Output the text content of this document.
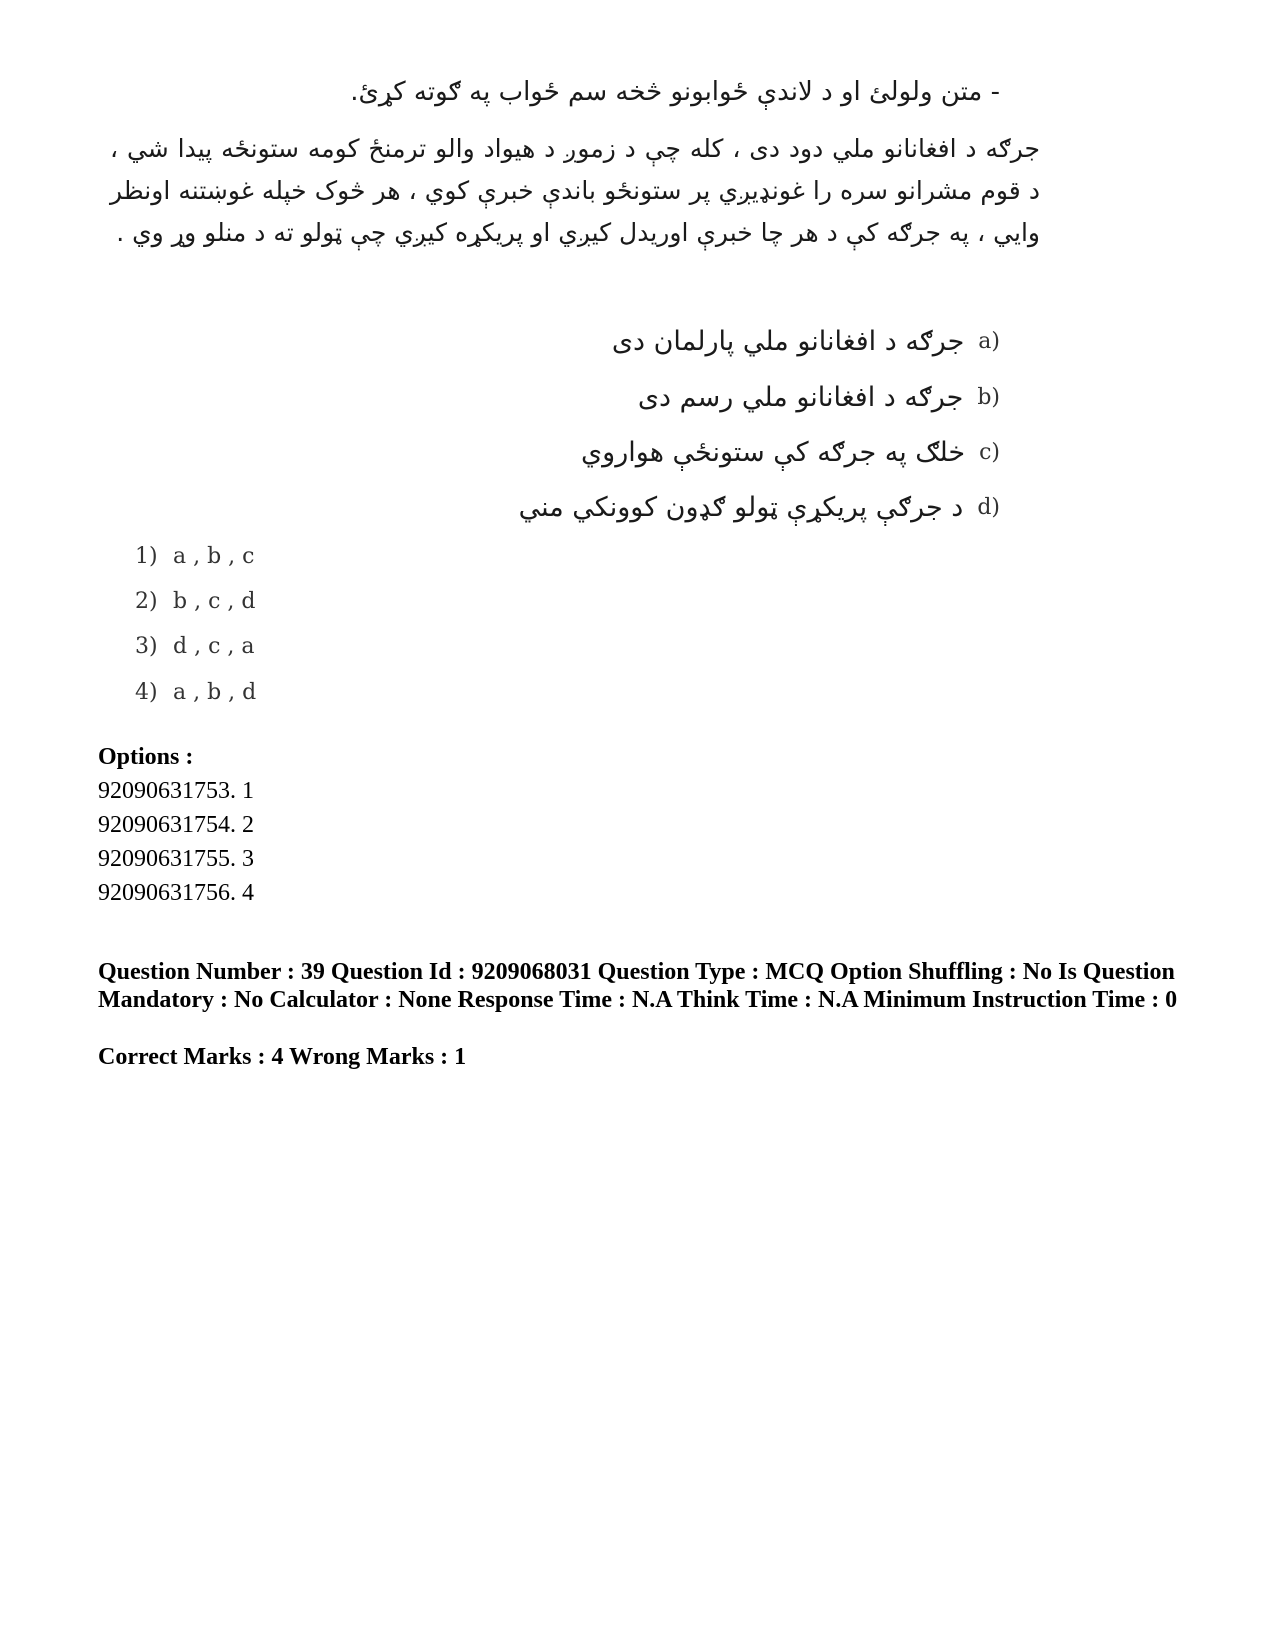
- متن ولولئ او د لاندې ځوابونو څخه سم ځواب په ګوته کړئ.
جرګه د افغانانو ملي دود دی ، کله چې د زموږ د هیواد والو ترمنځ کومه ستونځه پیدا شي ، د قوم مشرانو سره را غونډیږي پر ستونځو باندې خبرې کوي ، هر څوک خپله غوښتنه اونظر وایي ، په جرګه کې د هر چا خبرې اوریدل کیږي او پریکړه کیږي چې ټولو ته د منلو وړ وي .
a)
جرګه د افغانانو ملي پارلمان دی
b)
جرګه د افغانانو ملي رسم دی
c)
خلګ په جرګه کې ستونځې هواروي
d)
د جرګې پریکړې ټولو ګډون کوونکي مني
1) a , b , c
2) b , c , d
3) d , c , a
4) a , b , d
Options :
92090631753. 1
92090631754. 2
92090631755. 3
92090631756. 4
Question Number : 39 Question Id : 9209068031 Question Type : MCQ Option Shuffling : No Is Question Mandatory : No Calculator : None Response Time : N.A Think Time : N.A Minimum Instruction Time : 0
Correct Marks : 4 Wrong Marks : 1
